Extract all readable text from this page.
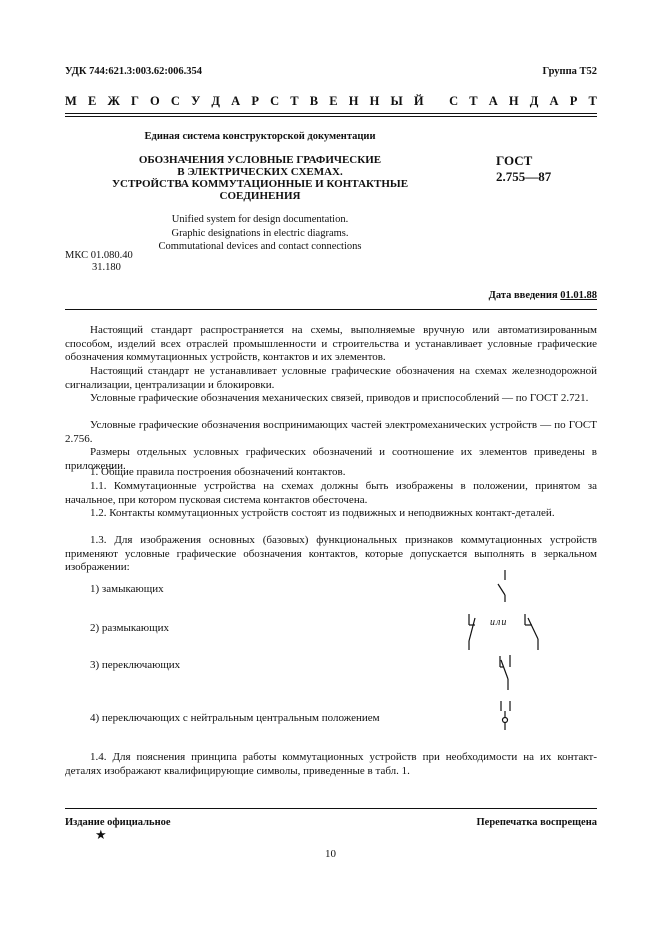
УДК 744:621.3:003.62:006.354	Группа Т52
М Е Ж Г О С У Д А Р С Т В Е Н Н Ы Й
С Т А Н Д А Р Т
Единая система конструкторской документации
ОБОЗНАЧЕНИЯ УСЛОВНЫЕ ГРАФИЧЕСКИЕ
В ЭЛЕКТРИЧЕСКИХ СХЕМАХ.
УСТРОЙСТВА КОММУТАЦИОННЫЕ И КОНТАКТНЫЕ
СОЕДИНЕНИЯ
ГОСТ
2.755—87
Unified system for design documentation.
Graphic designations in electric diagrams.
Commutational devices and contact connections
МКС 01.080.40
31.180
Дата введения 01.01.88
Настоящий стандарт распространяется на схемы, выполняемые вручную или автоматизированным способом, изделий всех отраслей промышленности и строительства и устанавливает условные графические обозначения коммутационных устройств, контактов и их элементов.
Настоящий стандарт не устанавливает условные графические обозначения на схемах железнодорожной сигнализации, централизации и блокировки.
Условные графические обозначения механических связей, приводов и приспособлений — по ГОСТ 2.721.
Условные графические обозначения воспринимающих частей электромеханических устройств — по ГОСТ 2.756.
Размеры отдельных условных графических обозначений и соотношение их элементов приведены в приложении.
1. Общие правила построения обозначений контактов.
1.1. Коммутационные устройства на схемах должны быть изображены в положении, принятом за начальное, при котором пусковая система контактов обесточена.
1.2. Контакты коммутационных устройств состоят из подвижных и неподвижных контакт-деталей.
1.3. Для изображения основных (базовых) функциональных признаков коммутационных устройств применяют условные графические обозначения контактов, которые допускается выполнять в зеркальном изображении:
1) замыкающих
2) размыкающих
3) переключающих
4) переключающих с нейтральным центральным положением
или
1.4. Для пояснения принципа работы коммутационных устройств при необходимости на их контакт-деталях изображают квалифицирующие символы, приведенные в табл. 1.
Издание официальное	Перепечатка воспрещена
★
10
